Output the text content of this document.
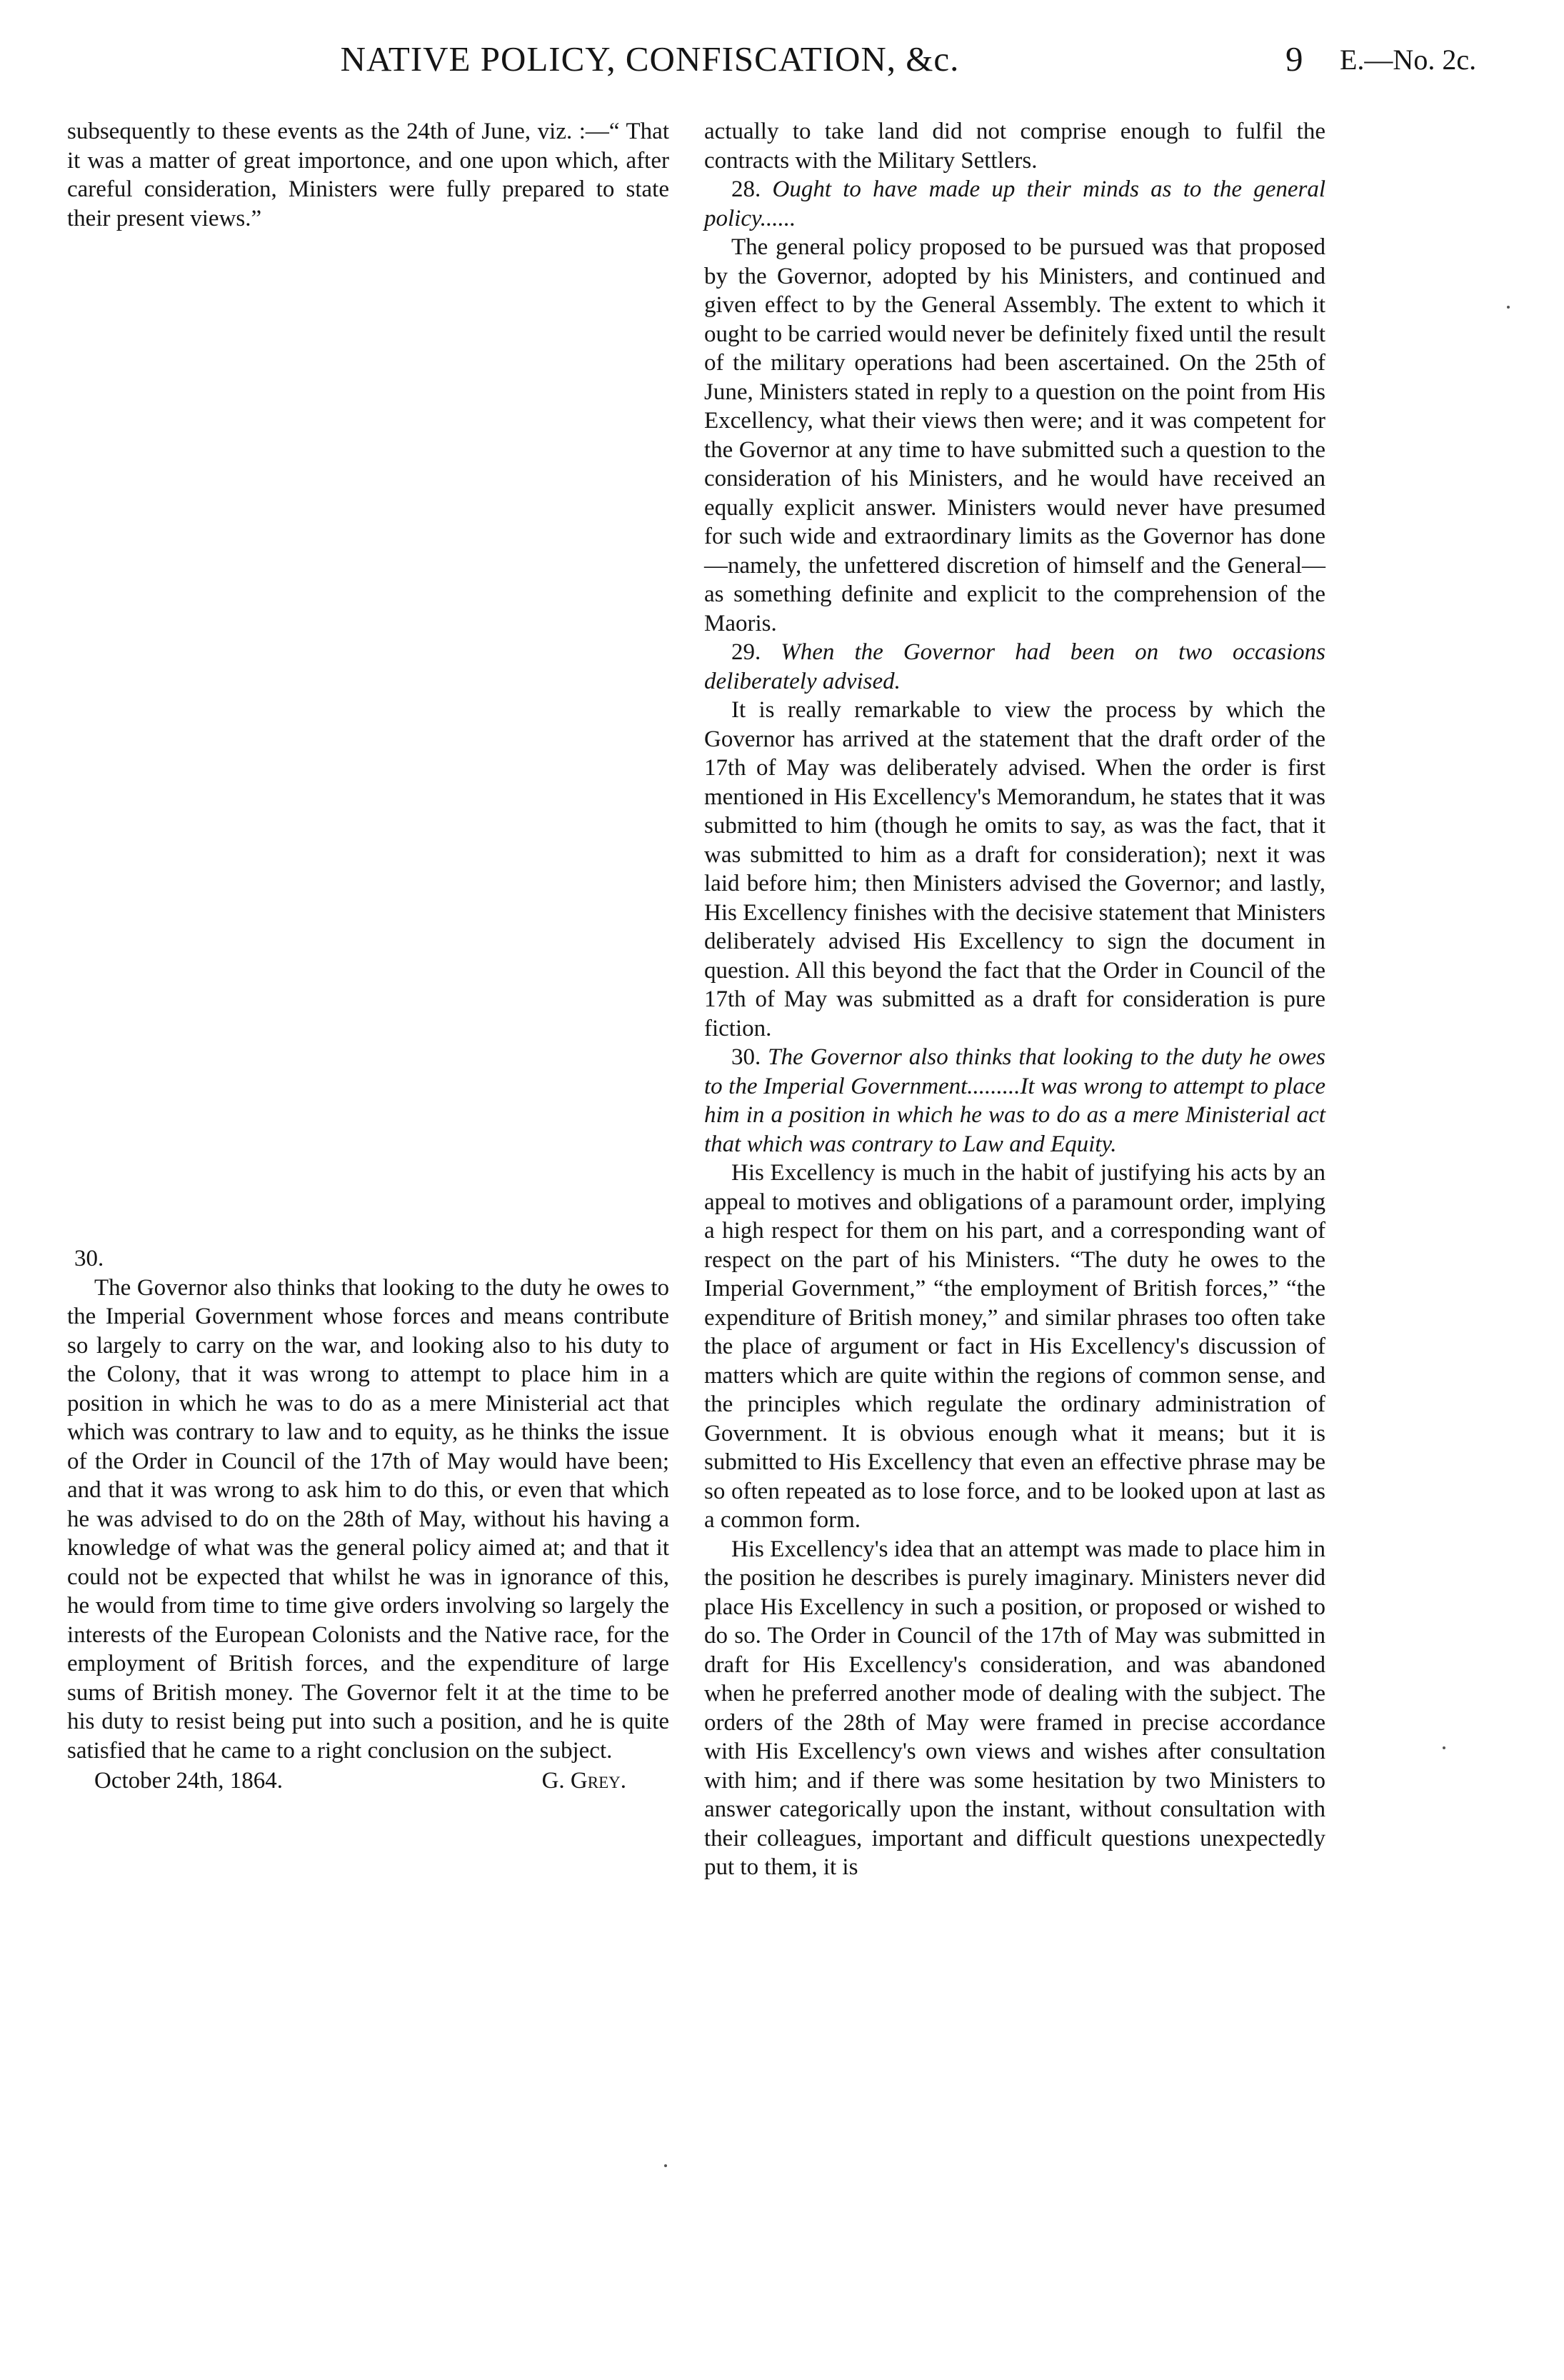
NATIVE POLICY, CONFISCATION, &c.	9 E.—No. 2c.

subsequently to these events as the 24th of June, viz. :—“ That it was a matter of great importonce, and one upon which, after careful consideration, Ministers were fully prepared to state their present views.”

30.

The Governor also thinks that looking to the duty he owes to the Imperial Government whose forces and means contribute so largely to carry on the war, and looking also to his duty to the Colony, that it was wrong to attempt to place him in a position in which he was to do as a mere Ministerial act that which was contrary to law and to equity, as he thinks the issue of the Order in Council of the 17th of May would have been; and that it was wrong to ask him to do this, or even that which he was advised to do on the 28th of May, without his having a knowledge of what was the general policy aimed at; and that it could not be expected that whilst he was in ignorance of this, he would from time to time give orders involving so largely the interests of the European Colonists and the Native race, for the employment of British forces, and the expenditure of large sums of British money. The Governor felt it at the time to be his duty to resist being put into such a position, and he is quite satisfied that he came to a right conclusion on the subject.

October 24th, 1864.	G. Grey.

actually to take land did not comprise enough to fulfil the contracts with the Military Settlers.

28. Ought to have made up their minds as to the general policy......

The general policy proposed to be pursued was that proposed by the Governor, adopted by his Ministers, and continued and given effect to by the General Assembly. The extent to which it ought to be carried would never be definitely fixed until the result of the military operations had been ascertained. On the 25th of June, Ministers stated in reply to a question on the point from His Excellency, what their views then were; and it was competent for the Governor at any time to have submitted such a question to the consideration of his Ministers, and he would have received an equally explicit answer. Ministers would never have presumed for such wide and extraordinary limits as the Governor has done—namely, the unfettered discretion of himself and the General—as something definite and explicit to the comprehension of the Maoris.

29. When the Governor had been on two occasions deliberately advised.

It is really remarkable to view the process by which the Governor has arrived at the statement that the draft order of the 17th of May was deliberately advised. When the order is first mentioned in His Excellency's Memorandum, he states that it was submitted to him (though he omits to say, as was the fact, that it was submitted to him as a draft for consideration); next it was laid before him; then Ministers advised the Governor; and lastly, His Excellency finishes with the decisive statement that Ministers deliberately advised His Excellency to sign the document in question. All this beyond the fact that the Order in Council of the 17th of May was submitted as a draft for consideration is pure fiction.

30. The Governor also thinks that looking to the duty he owes to the Imperial Government.........It was wrong to attempt to place him in a position in which he was to do as a mere Ministerial act that which was contrary to Law and Equity.

His Excellency is much in the habit of justifying his acts by an appeal to motives and obligations of a paramount order, implying a high respect for them on his part, and a corresponding want of respect on the part of his Ministers. “The duty he owes to the Imperial Government,” “the employment of British forces,” “the expenditure of British money,” and similar phrases too often take the place of argument or fact in His Excellency's discussion of matters which are quite within the regions of common sense, and the principles which regulate the ordinary administration of Government. It is obvious enough what it means; but it is submitted to His Excellency that even an effective phrase may be so often repeated as to lose force, and to be looked upon at last as a common form.

His Excellency's idea that an attempt was made to place him in the position he describes is purely imaginary. Ministers never did place His Excellency in such a position, or proposed or wished to do so. The Order in Council of the 17th of May was submitted in draft for His Excellency's consideration, and was abandoned when he preferred another mode of dealing with the subject. The orders of the 28th of May were framed in precise accordance with His Excellency's own views and wishes after consultation with him; and if there was some hesitation by two Ministers to answer categorically upon the instant, without consultation with their colleagues, important and difficult questions unexpectedly put to them, it is
